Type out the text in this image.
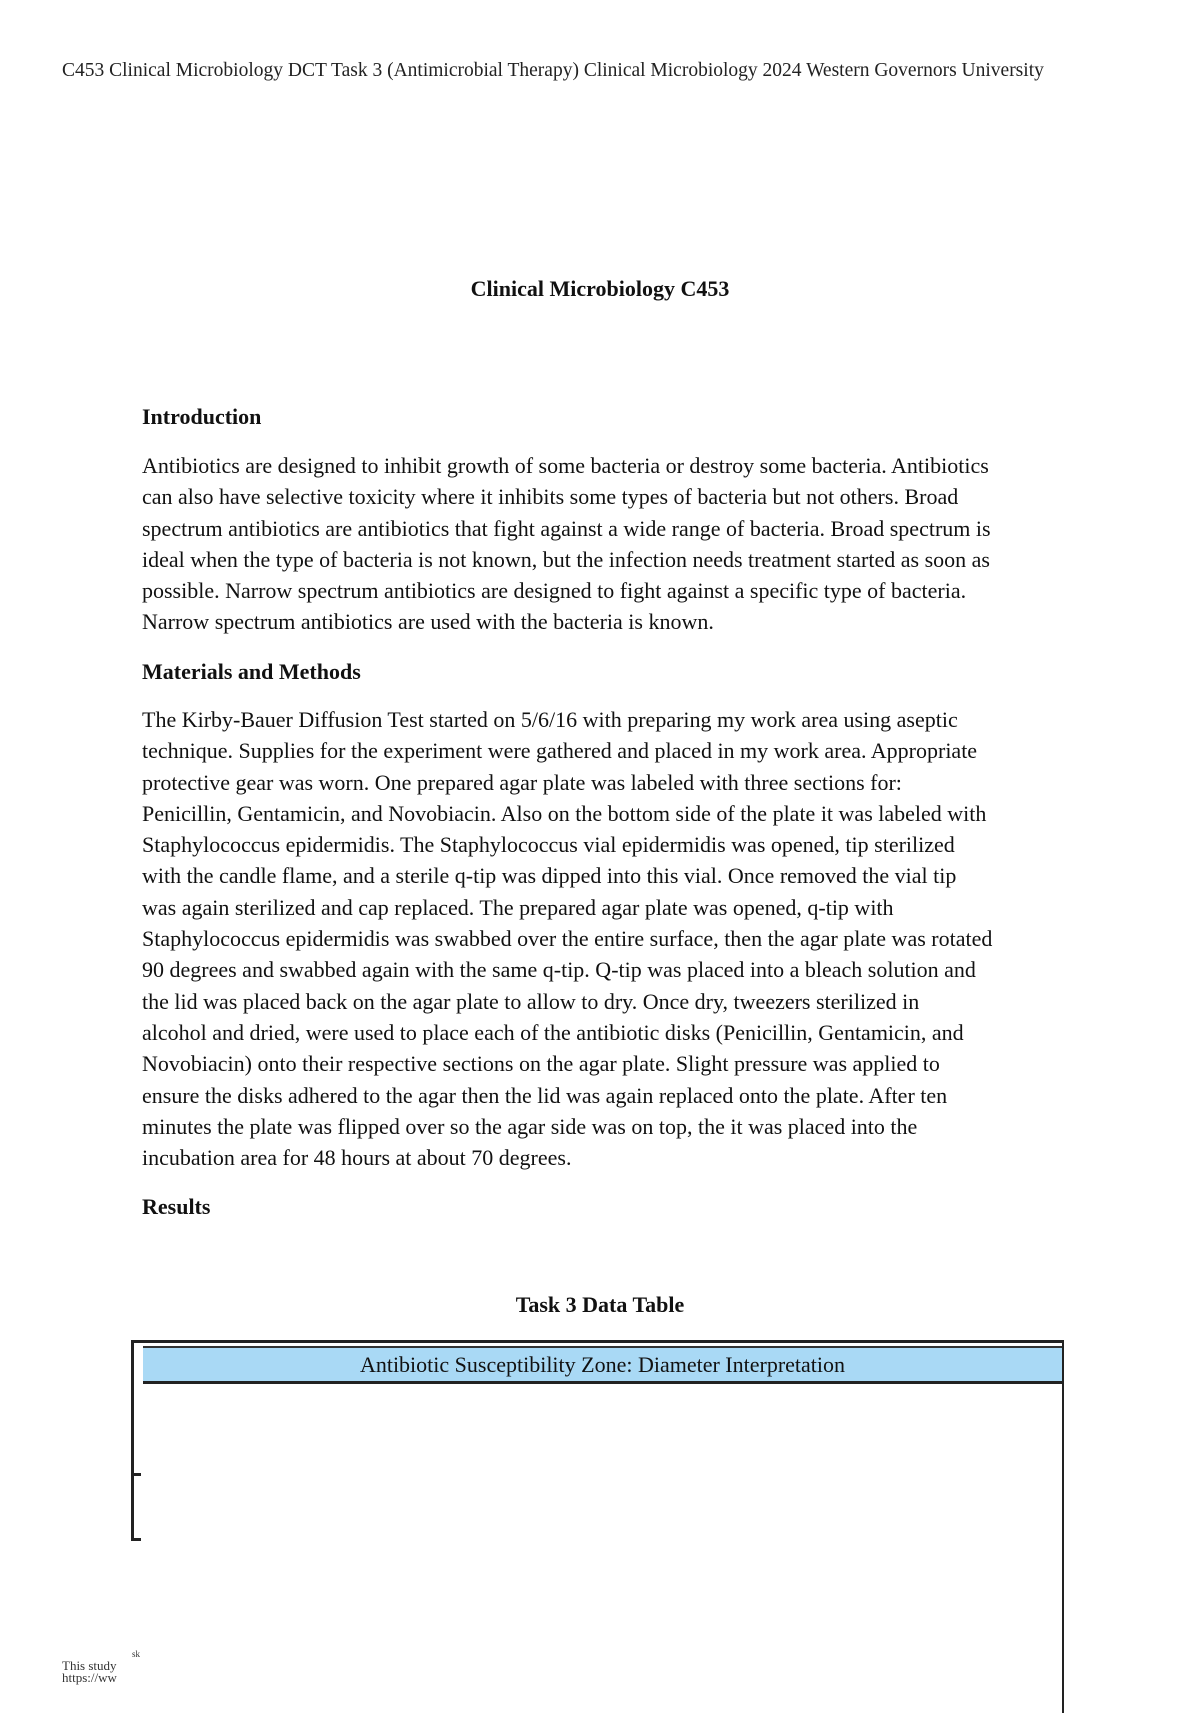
C453 Clinical Microbiology DCT Task 3 (Antimicrobial Therapy) Clinical Microbiology 2024 Western Governors University
Clinical Microbiology C453
Introduction
Antibiotics are designed to inhibit growth of some bacteria or destroy some bacteria. Antibiotics
can also have selective toxicity where it inhibits some types of bacteria but not others. Broad
spectrum antibiotics are antibiotics that fight against a wide range of bacteria. Broad spectrum is
ideal when the type of bacteria is not known, but the infection needs treatment started as soon as
possible. Narrow spectrum antibiotics are designed to fight against a specific type of bacteria.
Narrow spectrum antibiotics are used with the bacteria is known.
Materials and Methods
The Kirby-Bauer Diffusion Test started on 5/6/16 with preparing my work area using aseptic
technique. Supplies for the experiment were gathered and placed in my work area. Appropriate
protective gear was worn. One prepared agar plate was labeled with three sections for:
Penicillin, Gentamicin, and Novobiacin. Also on the bottom side of the plate it was labeled with
Staphylococcus epidermidis. The Staphylococcus vial epidermidis was opened, tip sterilized
with the candle flame, and a sterile q-tip was dipped into this vial. Once removed the vial tip
was again sterilized and cap replaced. The prepared agar plate was opened, q-tip with
Staphylococcus epidermidis was swabbed over the entire surface, then the agar plate was rotated
90 degrees and swabbed again with the same q-tip. Q-tip was placed into a bleach solution and
the lid was placed back on the agar plate to allow to dry. Once dry, tweezers sterilized in
alcohol and dried, were used to place each of the antibiotic disks (Penicillin, Gentamicin, and
Novobiacin) onto their respective sections on the agar plate. Slight pressure was applied to
ensure the disks adhered to the agar then the lid was again replaced onto the plate. After ten
minutes the plate was flipped over so the agar side was on top, the it was placed into the
incubation area for 48 hours at about 70 degrees.
Results
Task 3 Data Table
Antibiotic Susceptibility Zone: Diameter Interpretation
sk
This study
https://ww
